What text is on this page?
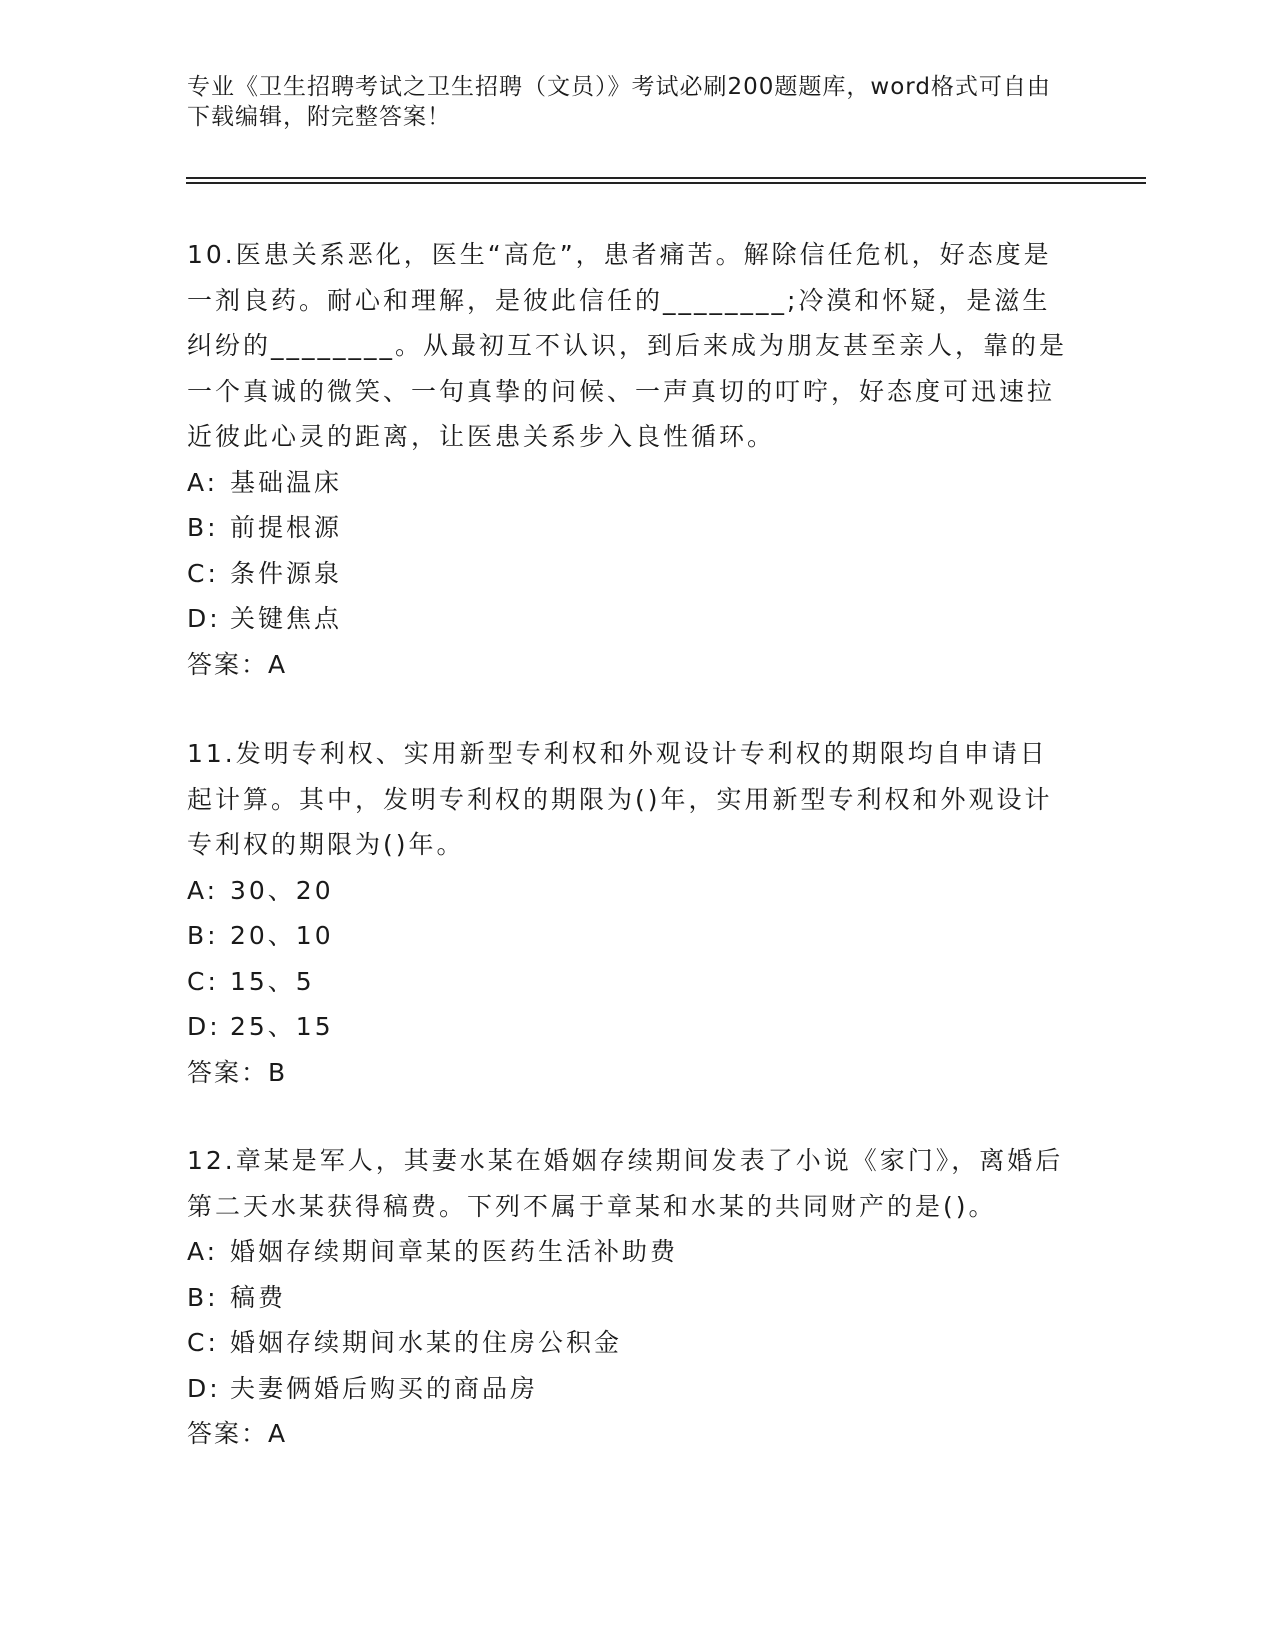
专业《卫生招聘考试之卫生招聘（文员）》考试必刷200题题库，word格式可自由下载编辑，附完整答案！

10.医患关系恶化，医生“高危”，患者痛苦。解除信任危机，好态度是一剂良药。耐心和理解，是彼此信任的________;冷漠和怀疑，是滋生纠纷的________。从最初互不认识，到后来成为朋友甚至亲人，靠的是一个真诚的微笑、一句真挚的问候、一声真切的叮咛，好态度可迅速拉近彼此心灵的距离，让医患关系步入良性循环。

A: 基础温床

B: 前提根源

C: 条件源泉

D: 关键焦点

答案：A

11.发明专利权、实用新型专利权和外观设计专利权的期限均自申请日起计算。其中，发明专利权的期限为()年，实用新型专利权和外观设计专利权的期限为()年。

A: 30、20

B: 20、10

C: 15、5

D: 25、15

答案：B

12.章某是军人，其妻水某在婚姻存续期间发表了小说《家门》，离婚后第二天水某获得稿费。下列不属于章某和水某的共同财产的是()。

A: 婚姻存续期间章某的医药生活补助费

B: 稿费

C: 婚姻存续期间水某的住房公积金

D: 夫妻俩婚后购买的商品房

答案：A
